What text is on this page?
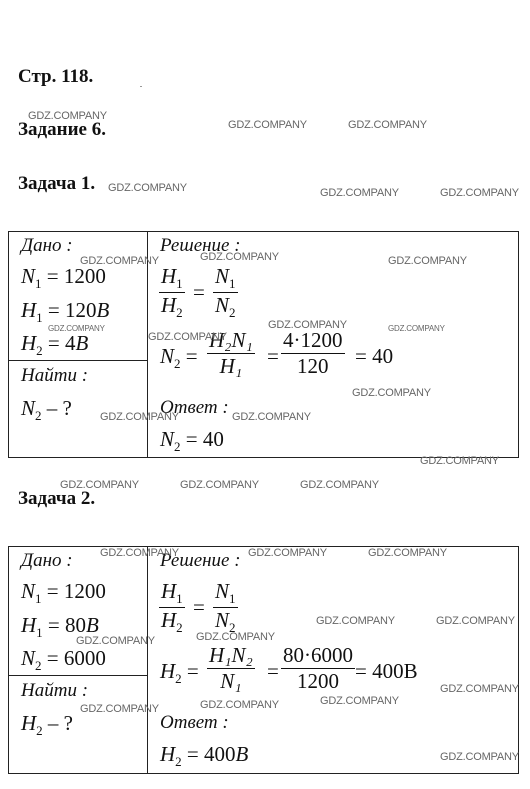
Стр. 118.
Задание 6.
Задача 1.
Дано :
$N_1 = 1200$
$H_1 = 120В$
$H_2 = 4В$
Найти :
$N_2$ – ?
Решение :
$H_1$
$H_2$
=
$N_1$
$N_2$
$N_2$ =
H₂N₁
H₁ =
4·1200
120 = 40
Ответ :
$N_2 = 40$
Задача 2.
Дано :
$N_1 = 1200$
$H_1 = 80В$
$N_2 = 6000$
Найти :
$H_2$ – ?
Решение :
$H_1$
$H_2$
=
$N_1$
$N_2$
$H_2$ =
H₁N₂
N₁ =
80·6000
1200 = 400В
Ответ :
$H_2 = 400В$
GDZ.COMPANY
GDZ.COMPANY	GDZ.COMPANY
GDZ.COMPANY	GDZ.COMPANY	GDZ.COMPANY
GDZ.COMPANY	GDZ.COMPANY	GDZ.COMPANY
GDZ.COMPANY	GDZ.COMPANY	GDZ.COMPANY
GDZ.COMPANY
GDZ.COMPANY
GDZ.COMPANY	GDZ.COMPANY
GDZ.COMPANY
GDZ.COMPANY	GDZ.COMPANY	GDZ.COMPANY
GDZ.COMPANY	GDZ.COMPANY	GDZ.COMPANY
GDZ.COMPANY	GDZ.COMPANY
GDZ.COMPANY	GDZ.COMPANY
GDZ.COMPANY
GDZ.COMPANY
GDZ.COMPANY	GDZ.COMPANY
GDZ.COMPANY
